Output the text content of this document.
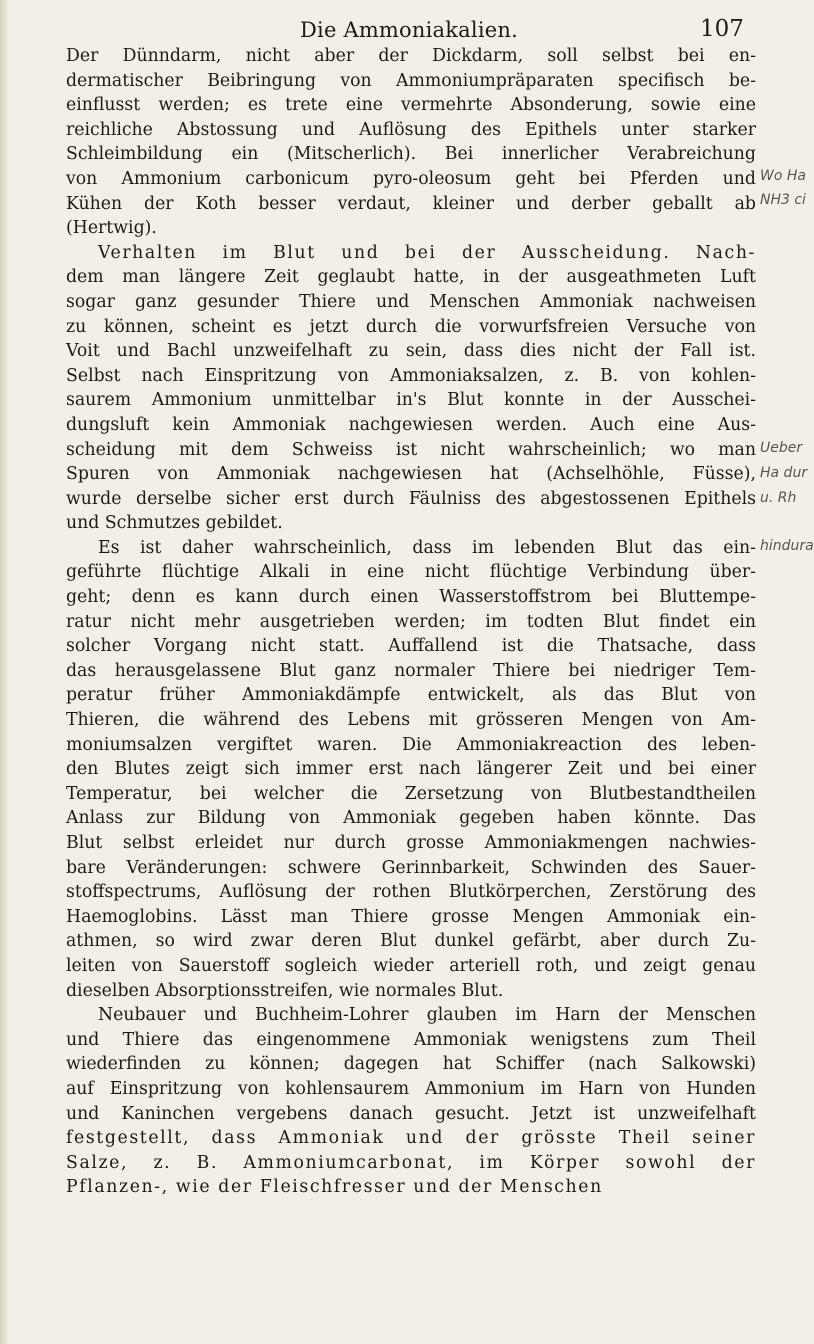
Die Ammoniakalien.	107
Der Dünndarm, nicht aber der Dickdarm, soll selbst bei en-
dermatischer Beibringung von Ammoniumpräparaten specifisch be-
einflusst werden; es trete eine vermehrte Absonderung, sowie eine
reichliche Abstossung und Auflösung des Epithels unter starker
Schleimbildung ein (Mitscherlich). Bei innerlicher Verabreichung
von Ammonium carbonicum pyro-oleosum geht bei Pferden und
Kühen der Koth besser verdaut, kleiner und derber geballt ab
(Hertwig).
Verhalten im Blut und bei der Ausscheidung. Nach-
dem man längere Zeit geglaubt hatte, in der ausgeathmeten Luft
sogar ganz gesunder Thiere und Menschen Ammoniak nachweisen
zu können, scheint es jetzt durch die vorwurfsfreien Versuche von
Voit und Bachl unzweifelhaft zu sein, dass dies nicht der Fall ist.
Selbst nach Einspritzung von Ammoniaksalzen, z. B. von kohlen-
saurem Ammonium unmittelbar in's Blut konnte in der Ausschei-
dungsluft kein Ammoniak nachgewiesen werden. Auch eine Aus-
scheidung mit dem Schweiss ist nicht wahrscheinlich; wo man
Spuren von Ammoniak nachgewiesen hat (Achselhöhle, Füsse),
wurde derselbe sicher erst durch Fäulniss des abgestossenen Epithels
und Schmutzes gebildet.
Es ist daher wahrscheinlich, dass im lebenden Blut das ein-
geführte flüchtige Alkali in eine nicht flüchtige Verbindung über-
geht; denn es kann durch einen Wasserstoffstrom bei Bluttempe-
ratur nicht mehr ausgetrieben werden; im todten Blut findet ein
solcher Vorgang nicht statt. Auffallend ist die Thatsache, dass
das herausgelassene Blut ganz normaler Thiere bei niedriger Tem-
peratur früher Ammoniakdämpfe entwickelt, als das Blut von
Thieren, die während des Lebens mit grösseren Mengen von Am-
moniumsalzen vergiftet waren. Die Ammoniakreaction des leben-
den Blutes zeigt sich immer erst nach längerer Zeit und bei einer
Temperatur, bei welcher die Zersetzung von Blutbestandtheilen
Anlass zur Bildung von Ammoniak gegeben haben könnte. Das
Blut selbst erleidet nur durch grosse Ammoniakmengen nachwies-
bare Veränderungen: schwere Gerinnbarkeit, Schwinden des Sauer-
stoffspectrums, Auflösung der rothen Blutkörperchen, Zerstörung des
Haemoglobins. Lässt man Thiere grosse Mengen Ammoniak ein-
athmen, so wird zwar deren Blut dunkel gefärbt, aber durch Zu-
leiten von Sauerstoff sogleich wieder arteriell roth, und zeigt genau
dieselben Absorptionsstreifen, wie normales Blut.
Neubauer und Buchheim-Lohrer glauben im Harn der Menschen
und Thiere das eingenommene Ammoniak wenigstens zum Theil
wiederfinden zu können; dagegen hat Schiffer (nach Salkowski)
auf Einspritzung von kohlensaurem Ammonium im Harn von Hunden
und Kaninchen vergebens danach gesucht. Jetzt ist unzweifelhaft
festgestellt, dass Ammoniak und der grösste Theil seiner
Salze, z. B. Ammoniumcarbonat, im Körper sowohl der
Pflanzen-, wie der Fleischfresser und der Menschen
Wo Ha
NH3 ci
Ueber
Ha dur
u. Rh
hindura
